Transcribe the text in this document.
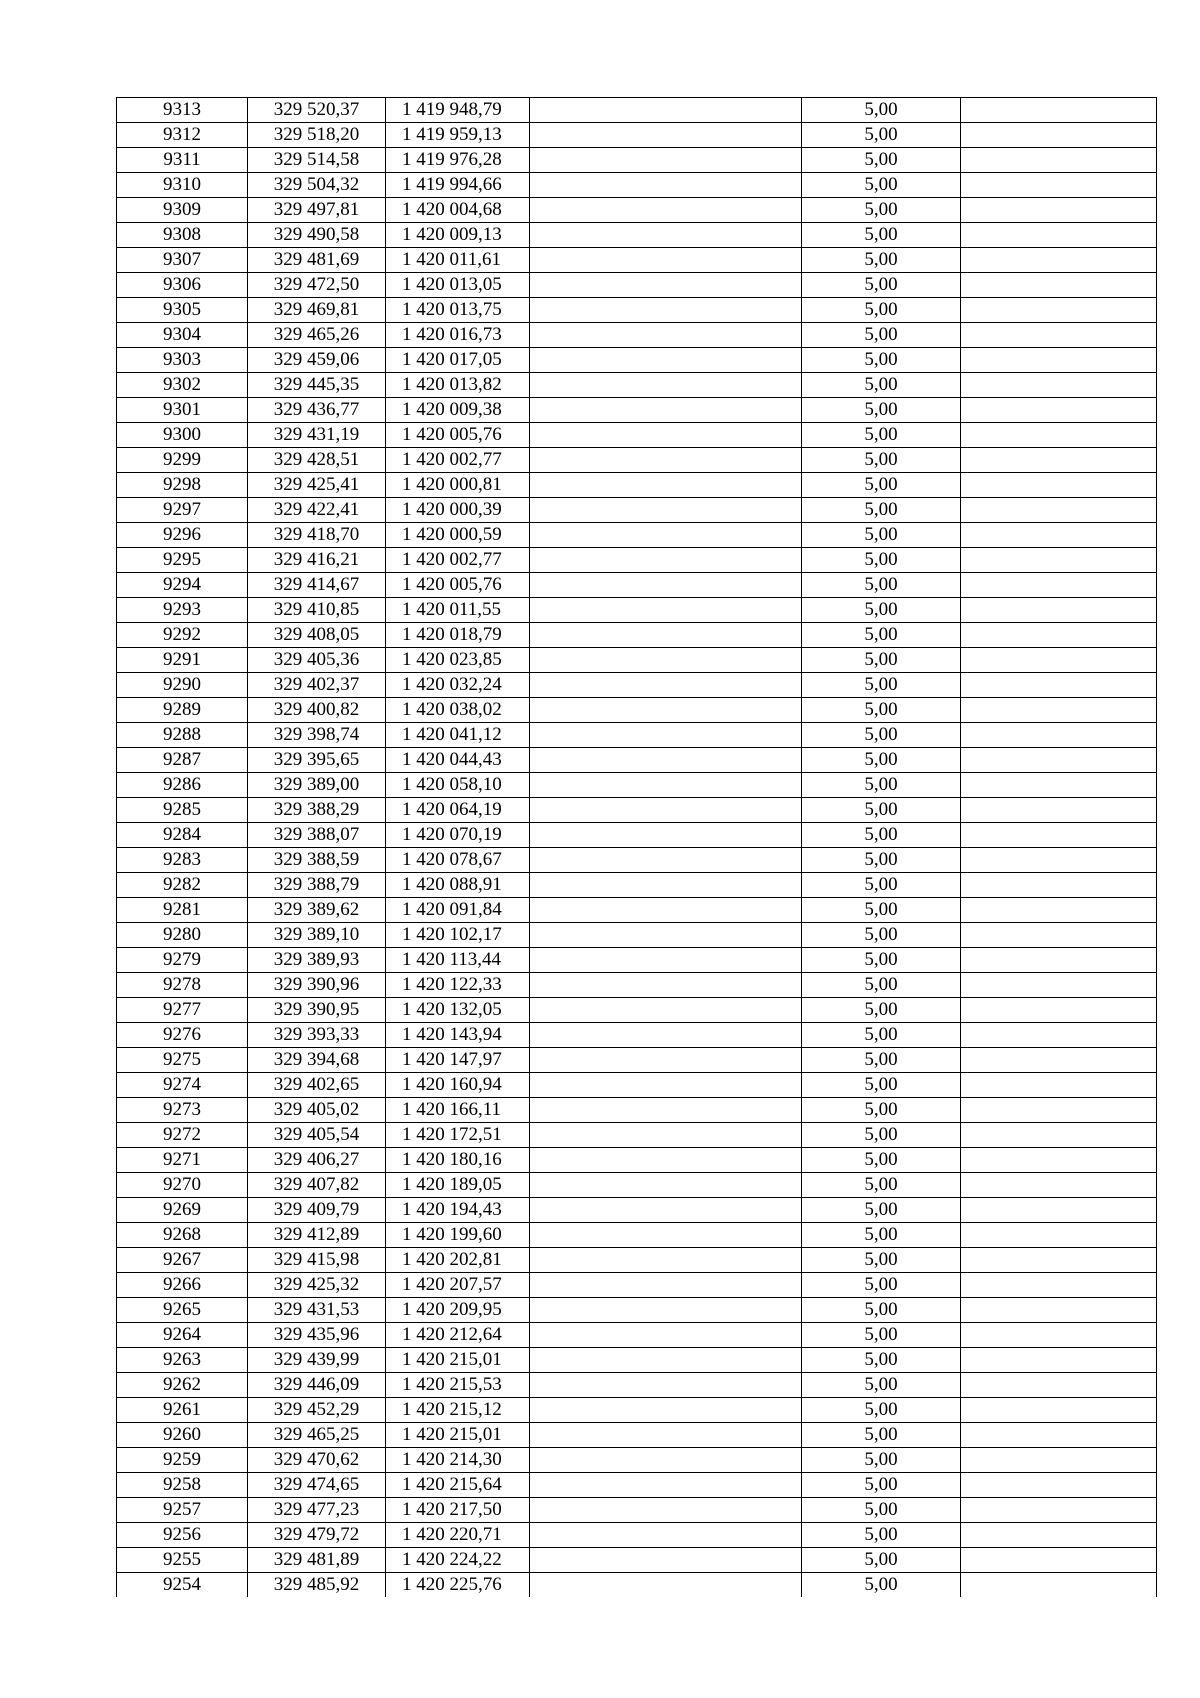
9313	329 520,37	1 419 948,79		5,00	
9312	329 518,20	1 419 959,13		5,00	
9311	329 514,58	1 419 976,28		5,00	
9310	329 504,32	1 419 994,66		5,00	
9309	329 497,81	1 420 004,68		5,00	
9308	329 490,58	1 420 009,13		5,00	
9307	329 481,69	1 420 011,61		5,00	
9306	329 472,50	1 420 013,05		5,00	
9305	329 469,81	1 420 013,75		5,00	
9304	329 465,26	1 420 016,73		5,00	
9303	329 459,06	1 420 017,05		5,00	
9302	329 445,35	1 420 013,82		5,00	
9301	329 436,77	1 420 009,38		5,00	
9300	329 431,19	1 420 005,76		5,00	
9299	329 428,51	1 420 002,77		5,00	
9298	329 425,41	1 420 000,81		5,00	
9297	329 422,41	1 420 000,39		5,00	
9296	329 418,70	1 420 000,59		5,00	
9295	329 416,21	1 420 002,77		5,00	
9294	329 414,67	1 420 005,76		5,00	
9293	329 410,85	1 420 011,55		5,00	
9292	329 408,05	1 420 018,79		5,00	
9291	329 405,36	1 420 023,85		5,00	
9290	329 402,37	1 420 032,24		5,00	
9289	329 400,82	1 420 038,02		5,00	
9288	329 398,74	1 420 041,12		5,00	
9287	329 395,65	1 420 044,43		5,00	
9286	329 389,00	1 420 058,10		5,00	
9285	329 388,29	1 420 064,19		5,00	
9284	329 388,07	1 420 070,19		5,00	
9283	329 388,59	1 420 078,67		5,00	
9282	329 388,79	1 420 088,91		5,00	
9281	329 389,62	1 420 091,84		5,00	
9280	329 389,10	1 420 102,17		5,00	
9279	329 389,93	1 420 113,44		5,00	
9278	329 390,96	1 420 122,33		5,00	
9277	329 390,95	1 420 132,05		5,00	
9276	329 393,33	1 420 143,94		5,00	
9275	329 394,68	1 420 147,97		5,00	
9274	329 402,65	1 420 160,94		5,00	
9273	329 405,02	1 420 166,11		5,00	
9272	329 405,54	1 420 172,51		5,00	
9271	329 406,27	1 420 180,16		5,00	
9270	329 407,82	1 420 189,05		5,00	
9269	329 409,79	1 420 194,43		5,00	
9268	329 412,89	1 420 199,60		5,00	
9267	329 415,98	1 420 202,81		5,00	
9266	329 425,32	1 420 207,57		5,00	
9265	329 431,53	1 420 209,95		5,00	
9264	329 435,96	1 420 212,64		5,00	
9263	329 439,99	1 420 215,01		5,00	
9262	329 446,09	1 420 215,53		5,00	
9261	329 452,29	1 420 215,12		5,00	
9260	329 465,25	1 420 215,01		5,00	
9259	329 470,62	1 420 214,30		5,00	
9258	329 474,65	1 420 215,64		5,00	
9257	329 477,23	1 420 217,50		5,00	
9256	329 479,72	1 420 220,71		5,00	
9255	329 481,89	1 420 224,22		5,00	
9254	329 485,92	1 420 225,76		5,00	
